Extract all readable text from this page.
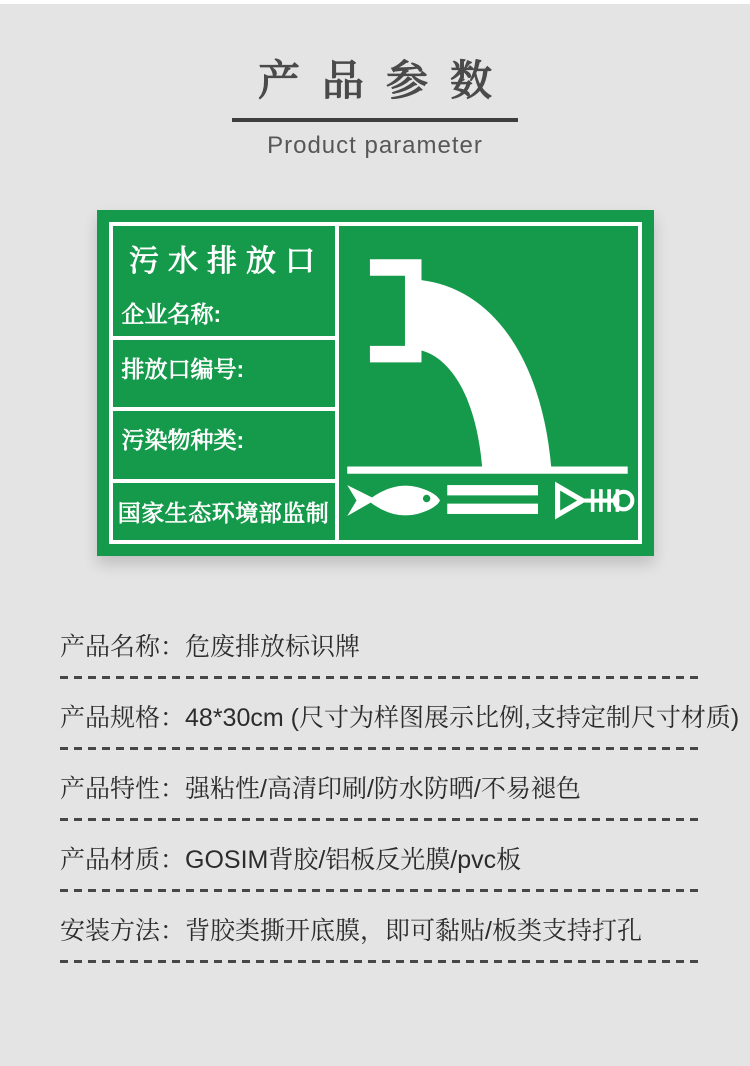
产品参数
Product parameter
污水排放口
企业名称:
排放口编号:
污染物种类:
国家生态环境部监制
产品名称：危废排放标识牌
产品规格：48*30cm (尺寸为样图展示比例,支持定制尺寸材质)
产品特性：强粘性/高清印刷/防水防晒/不易褪色
产品材质：GOSIM背胶/铝板反光膜/pvc板
安装方法：背胶类撕开底膜，即可黏贴/板类支持打孔
